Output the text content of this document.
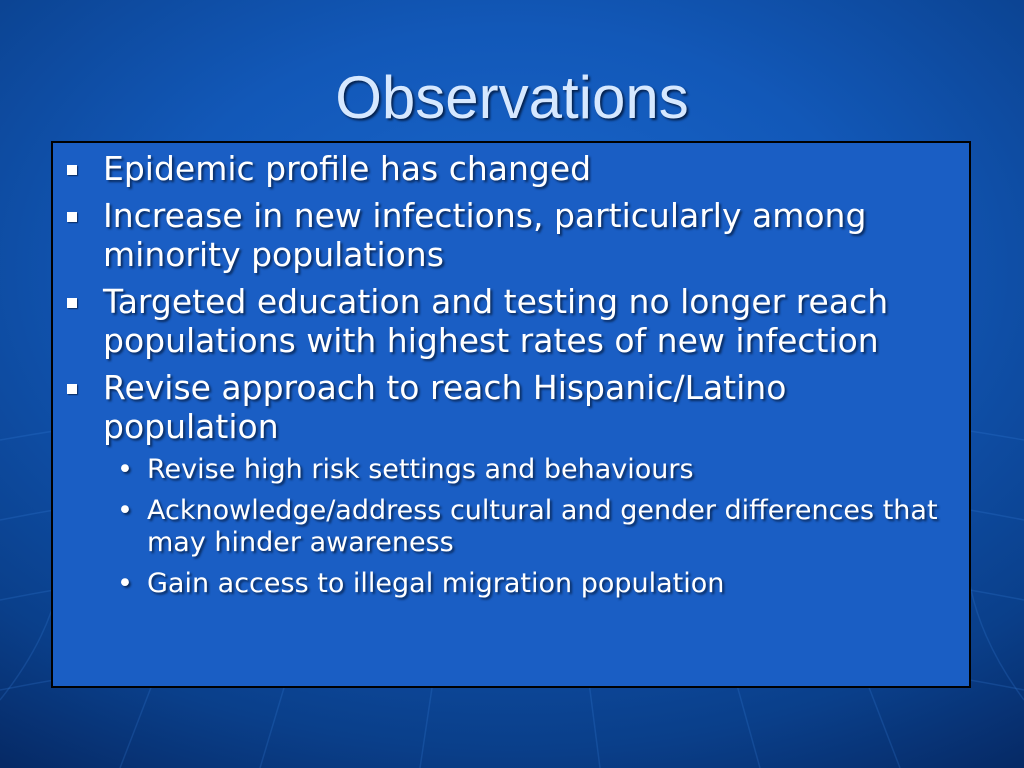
Observations
Epidemic profile has changed
Increase in new infections, particularly among minority populations
Targeted education and testing no longer reach populations with highest rates of new infection
Revise approach to reach Hispanic/Latino population
• Revise high risk settings and behaviours
• Acknowledge/address cultural and gender differences that may hinder awareness
• Gain access to illegal migration population
